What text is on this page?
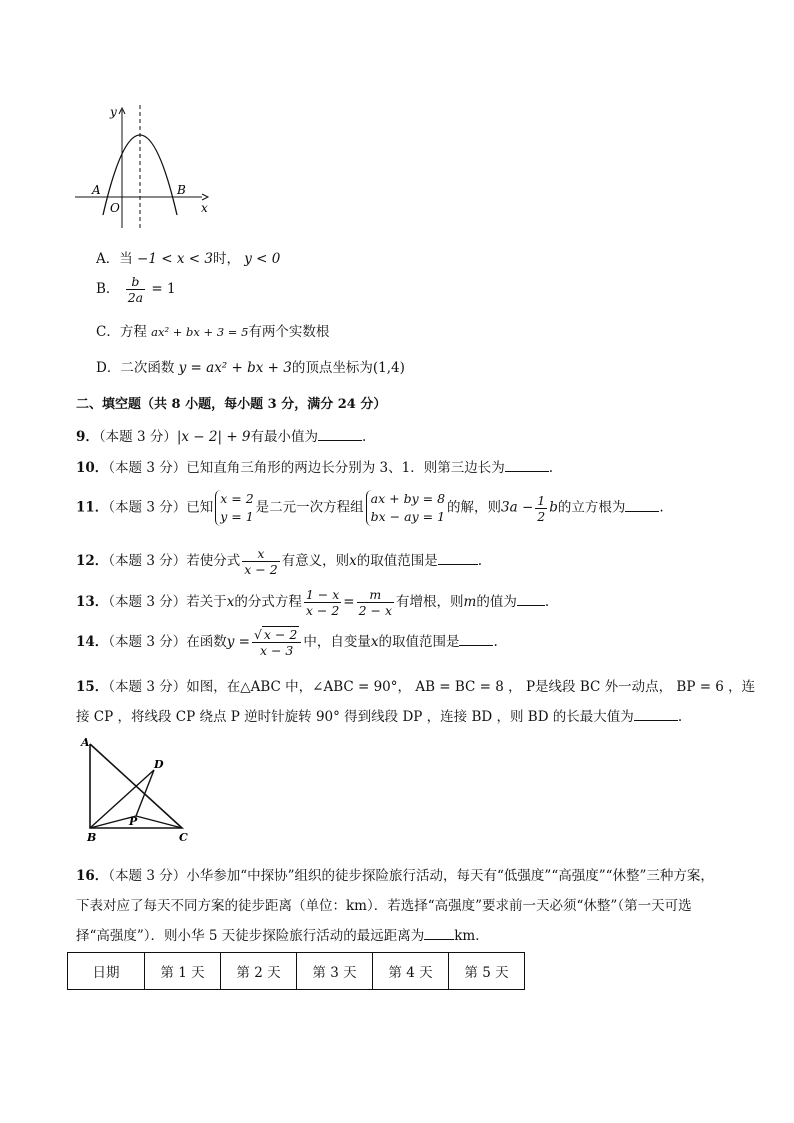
y
x
O
A	B
A．当 −1 < x < 3时， y < 0
B． $\frac{b}{2a} = 1$
C．方程 ax² + bx + 3 = 5有两个实数根
D．二次函数 y = ax² + bx + 3的顶点坐标为(1,4)
二、填空题（共 8 小题，每小题 3 分，满分 24 分）
9．（本题 3 分）|x − 2| + 9有最小值为	.
10．（本题 3 分）已知直角三角形的两边长分别为 3、1．则第三边长为	.
11．（本题 3 分）已知x = 2
y = 1是二元一次方程组ax + by = 8
bx − ay = 1的解，则$3a - \frac{1}{2}$ b的立方根为	.
12．（本题 3 分）若使分式 $\frac{x}{x - 2}$ 有意义，则x的取值范围是	.
13．（本题 3 分）若关于x的分式方程 $\frac{1 - x}{x - 2} = \frac{m}{2 - x}$ 有增根，则m的值为 .
14．（本题 3 分）在函数$y = \frac{√ x - 2}{x - 3}$ 中，自变量x的取值范围是	.
15．（本题 3 分）如图，在△ABC 中，∠ABC = 90°， AB = BC = 8 ， P是线段 BC 外一动点， BP = 6 ，连
接 CP ，将线段 CP 绕点 P 逆时针旋转 90° 得到线段 DP ，连接 BD ，则 BD 的长最大值为	.
A
B	C
D
P
16．（本题 3 分）小华参加“中探协”组织的徒步探险旅行活动，每天有“低强度”“高强度”“休整”三种方案，
下表对应了每天不同方案的徒步距离（单位：km）．若选择“高强度”要求前一天必须“休整”（第一天可选
择“高强度”）．则小华 5 天徒步探险旅行活动的最远距离为 km．
日期	第 1 天	第 2 天	第 3 天	第 4 天	第 5 天
